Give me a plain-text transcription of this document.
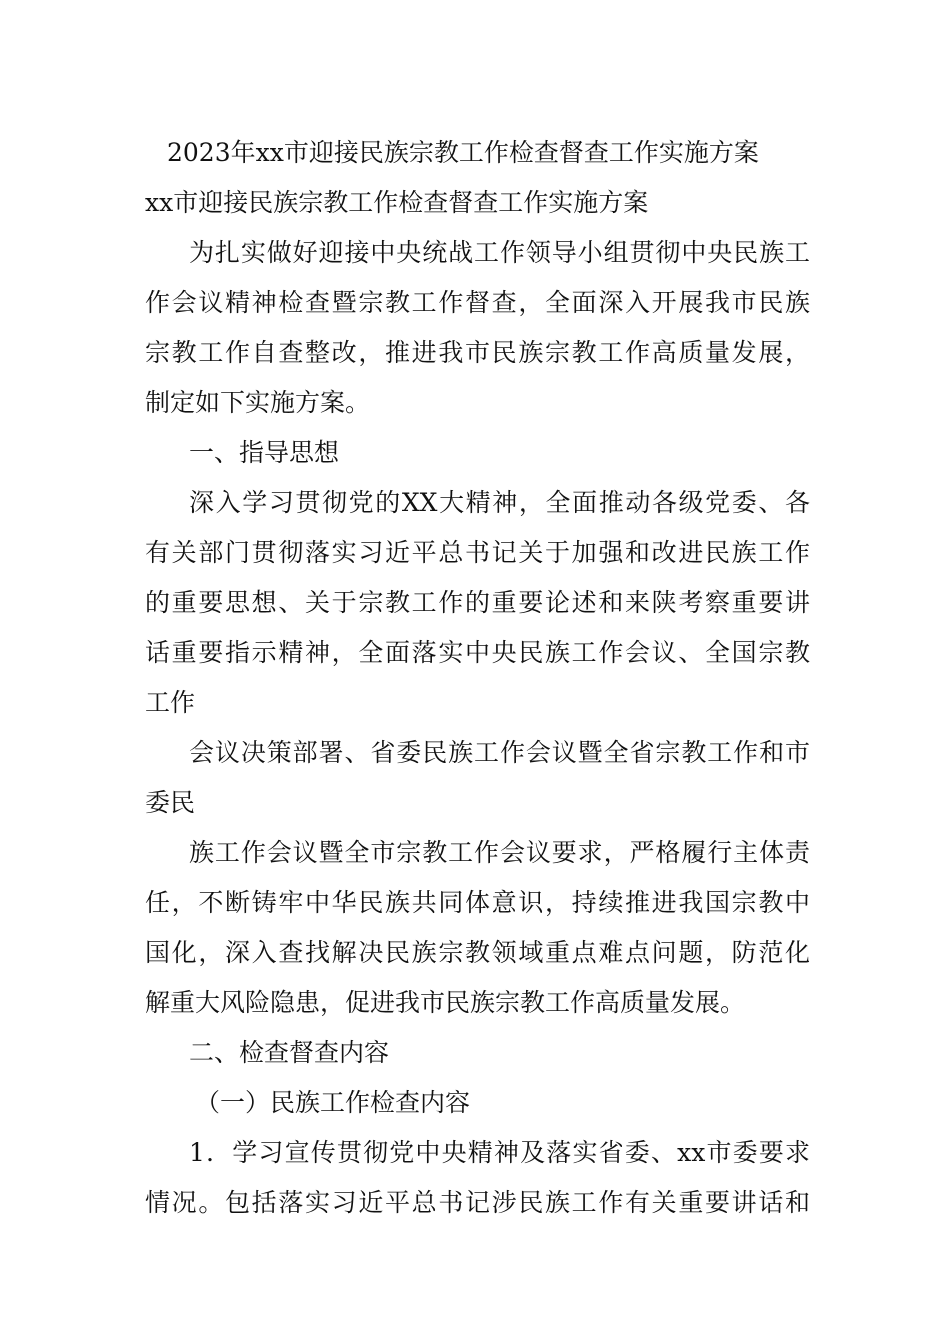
2023年xx市迎接民族宗教工作检查督查工作实施方案

xx市迎接民族宗教工作检查督查工作实施方案

为扎实做好迎接中央统战工作领导小组贯彻中央民族工

作会议精神检查暨宗教工作督查，全面深入开展我市民族

宗教工作自查整改，推进我市民族宗教工作高质量发展，

制定如下实施方案。

一、指导思想

深入学习贯彻党的XX大精神，全面推动各级党委、各

有关部门贯彻落实习近平总书记关于加强和改进民族工作

的重要思想、关于宗教工作的重要论述和来陕考察重要讲

话重要指示精神，全面落实中央民族工作会议、全国宗教

工作

会议决策部署、省委民族工作会议暨全省宗教工作和市

委民

族工作会议暨全市宗教工作会议要求，严格履行主体责

任，不断铸牢中华民族共同体意识，持续推进我国宗教中

国化，深入查找解决民族宗教领域重点难点问题，防范化

解重大风险隐患，促进我市民族宗教工作高质量发展。

二、检查督查内容

（一）民族工作检查内容

1．学习宣传贯彻党中央精神及落实省委、xx市委要求

情况。包括落实习近平总书记涉民族工作有关重要讲话和
